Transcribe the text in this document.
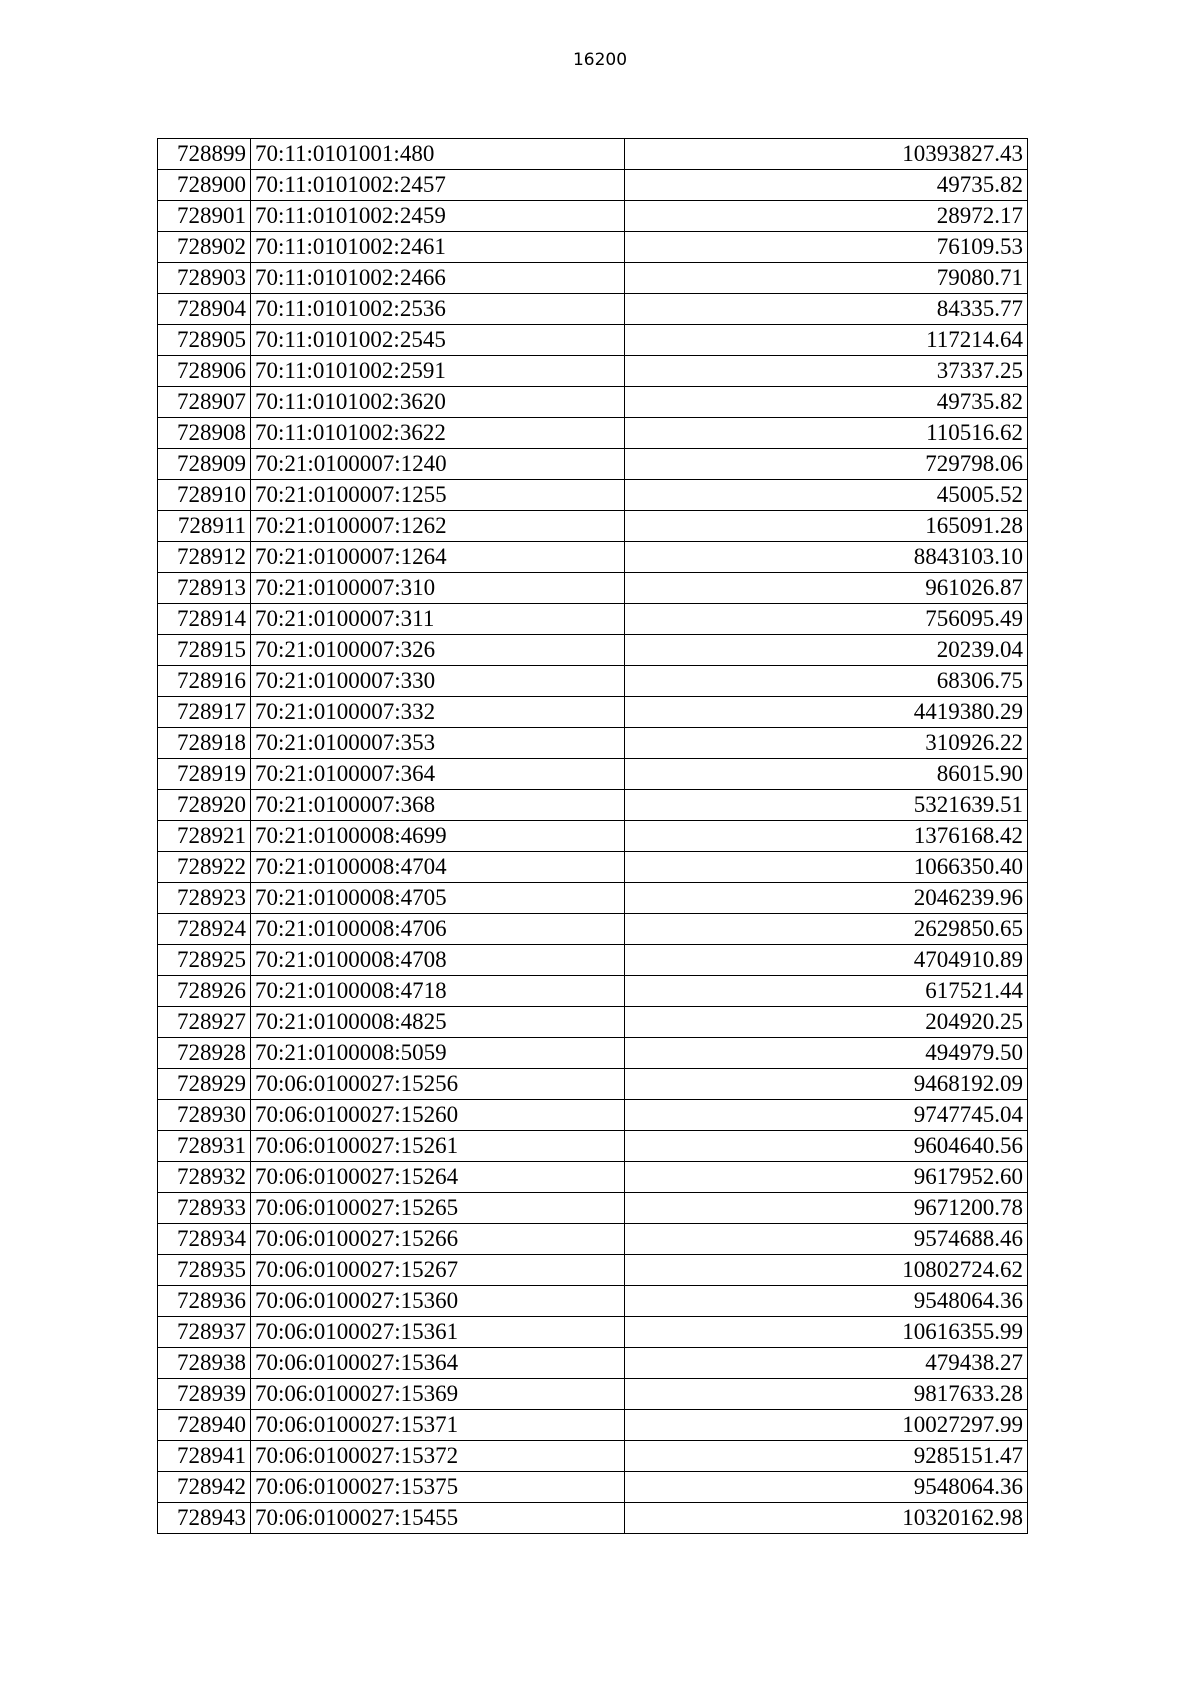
16200
728899	70:11:0101001:480	10393827.43
728900	70:11:0101002:2457	49735.82
728901	70:11:0101002:2459	28972.17
728902	70:11:0101002:2461	76109.53
728903	70:11:0101002:2466	79080.71
728904	70:11:0101002:2536	84335.77
728905	70:11:0101002:2545	117214.64
728906	70:11:0101002:2591	37337.25
728907	70:11:0101002:3620	49735.82
728908	70:11:0101002:3622	110516.62
728909	70:21:0100007:1240	729798.06
728910	70:21:0100007:1255	45005.52
728911	70:21:0100007:1262	165091.28
728912	70:21:0100007:1264	8843103.10
728913	70:21:0100007:310	961026.87
728914	70:21:0100007:311	756095.49
728915	70:21:0100007:326	20239.04
728916	70:21:0100007:330	68306.75
728917	70:21:0100007:332	4419380.29
728918	70:21:0100007:353	310926.22
728919	70:21:0100007:364	86015.90
728920	70:21:0100007:368	5321639.51
728921	70:21:0100008:4699	1376168.42
728922	70:21:0100008:4704	1066350.40
728923	70:21:0100008:4705	2046239.96
728924	70:21:0100008:4706	2629850.65
728925	70:21:0100008:4708	4704910.89
728926	70:21:0100008:4718	617521.44
728927	70:21:0100008:4825	204920.25
728928	70:21:0100008:5059	494979.50
728929	70:06:0100027:15256	9468192.09
728930	70:06:0100027:15260	9747745.04
728931	70:06:0100027:15261	9604640.56
728932	70:06:0100027:15264	9617952.60
728933	70:06:0100027:15265	9671200.78
728934	70:06:0100027:15266	9574688.46
728935	70:06:0100027:15267	10802724.62
728936	70:06:0100027:15360	9548064.36
728937	70:06:0100027:15361	10616355.99
728938	70:06:0100027:15364	479438.27
728939	70:06:0100027:15369	9817633.28
728940	70:06:0100027:15371	10027297.99
728941	70:06:0100027:15372	9285151.47
728942	70:06:0100027:15375	9548064.36
728943	70:06:0100027:15455	10320162.98
